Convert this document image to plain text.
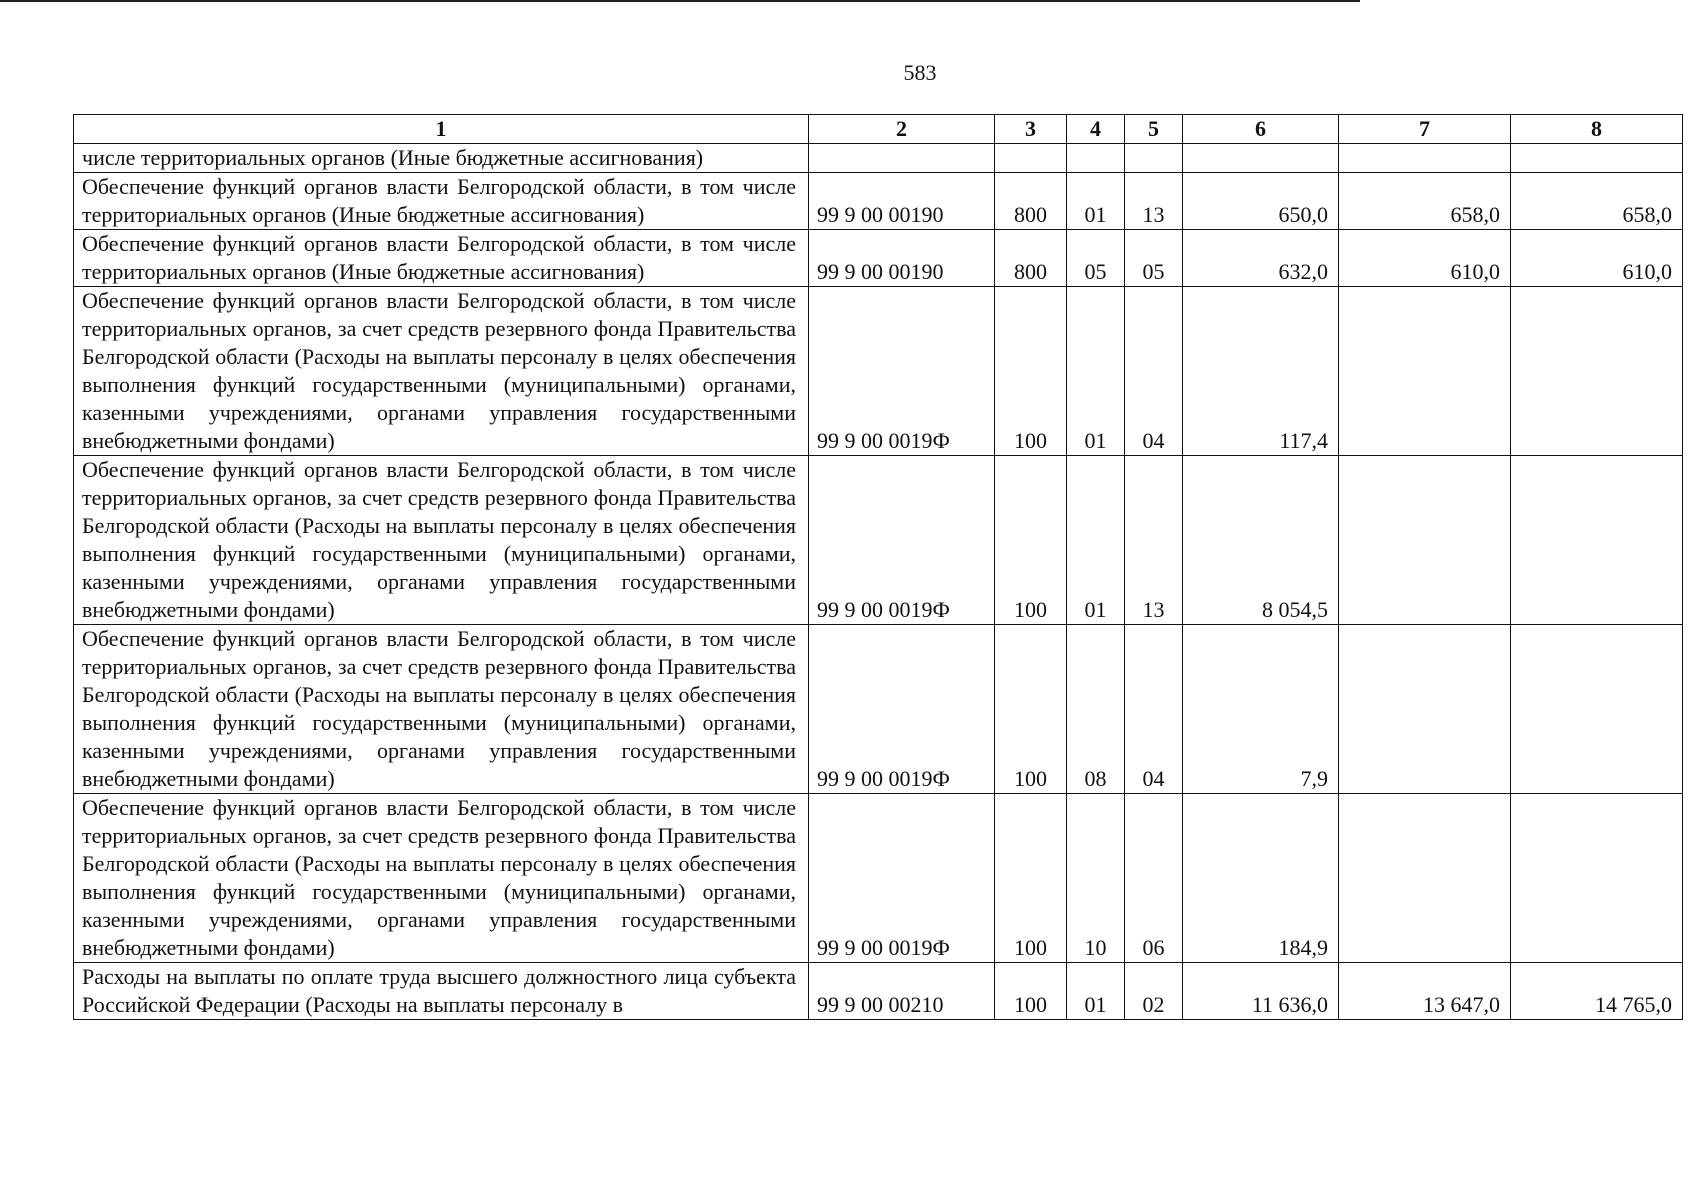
583
1	2	3	4	5	6	7	8
числе территориальных органов (Иные бюджетные ассигнования)							
Обеспечение функций органов власти Белгородской области, в том числе территориальных органов (Иные бюджетные ассигнования)	99 9 00 00190	800	01	13	650,0	658,0	658,0
Обеспечение функций органов власти Белгородской области, в том числе территориальных органов (Иные бюджетные ассигнования)	99 9 00 00190	800	05	05	632,0	610,0	610,0
Обеспечение функций органов власти Белгородской области, в том числе территориальных органов, за счет средств резервного фонда Правительства Белгородской области (Расходы на выплаты персоналу в целях обеспечения выполнения функций государственными (муниципальными) органами, казенными учреждениями, органами управления государственными внебюджетными фондами)	99 9 00 0019Ф	100	01	04	117,4		
Обеспечение функций органов власти Белгородской области, в том числе территориальных органов, за счет средств резервного фонда Правительства Белгородской области (Расходы на выплаты персоналу в целях обеспечения выполнения функций государственными (муниципальными) органами, казенными учреждениями, органами управления государственными внебюджетными фондами)	99 9 00 0019Ф	100	01	13	8 054,5		
Обеспечение функций органов власти Белгородской области, в том числе территориальных органов, за счет средств резервного фонда Правительства Белгородской области (Расходы на выплаты персоналу в целях обеспечения выполнения функций государственными (муниципальными) органами, казенными учреждениями, органами управления государственными внебюджетными фондами)	99 9 00 0019Ф	100	08	04	7,9		
Обеспечение функций органов власти Белгородской области, в том числе территориальных органов, за счет средств резервного фонда Правительства Белгородской области (Расходы на выплаты персоналу в целях обеспечения выполнения функций государственными (муниципальными) органами, казенными учреждениями, органами управления государственными внебюджетными фондами)	99 9 00 0019Ф	100	10	06	184,9		
Расходы на выплаты по оплате труда высшего должностного лица субъекта Российской Федерации (Расходы на выплаты персоналу в	99 9 00 00210	100	01	02	11 636,0	13 647,0	14 765,0
